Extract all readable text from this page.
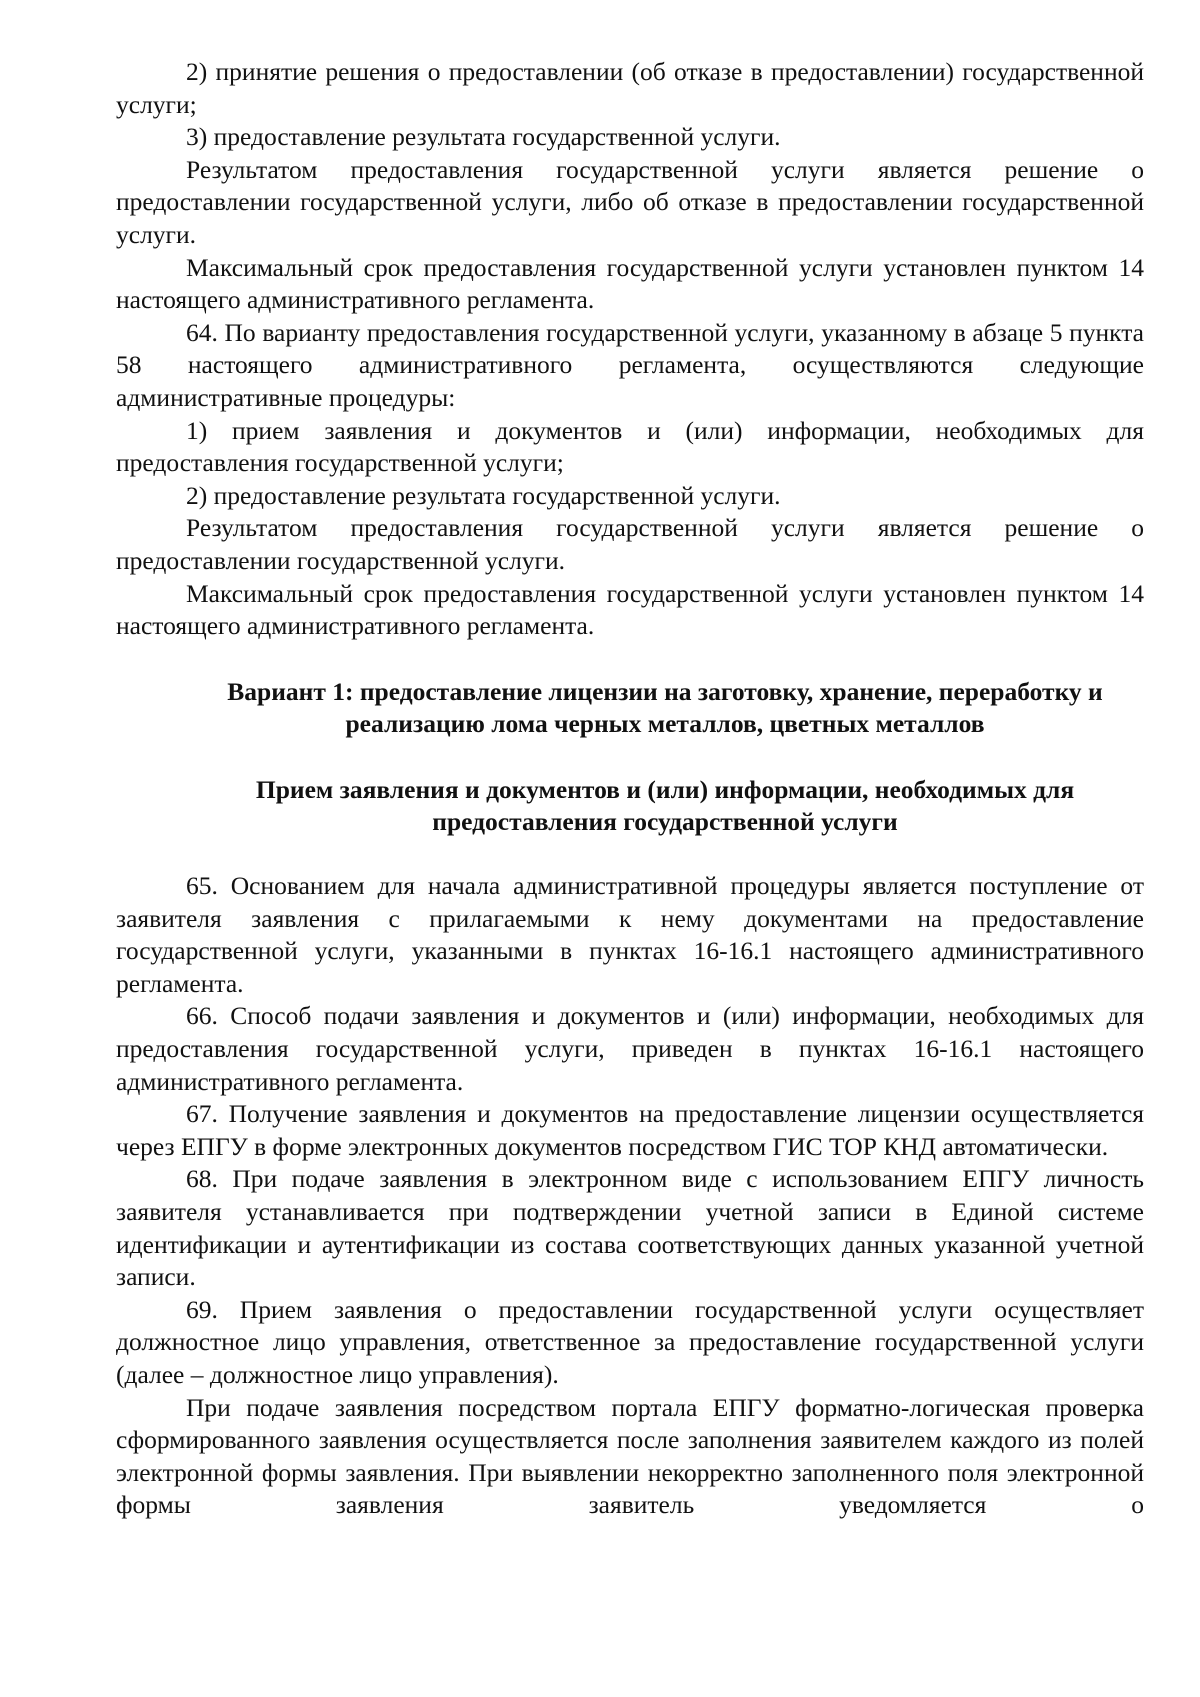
2) принятие решения о предоставлении (об отказе в предоставлении) государственной услуги;

3) предоставление результата государственной услуги.

Результатом предоставления государственной услуги является решение о предоставлении государственной услуги, либо об отказе в предоставлении государственной услуги.

Максимальный срок предоставления государственной услуги установлен пунктом 14 настоящего административного регламента.

64. По варианту предоставления государственной услуги, указанному в абзаце 5 пункта 58 настоящего административного регламента, осуществляются следующие административные процедуры:

1) прием заявления и документов и (или) информации, необходимых для предоставления государственной услуги;

2) предоставление результата государственной услуги.

Результатом предоставления государственной услуги является решение о предоставлении государственной услуги.

Максимальный срок предоставления государственной услуги установлен пунктом 14 настоящего административного регламента.

Вариант 1: предоставление лицензии на заготовку, хранение, переработку и реализацию лома черных металлов, цветных металлов

Прием заявления и документов и (или) информации, необходимых для предоставления государственной услуги

65. Основанием для начала административной процедуры является поступление от заявителя заявления с прилагаемыми к нему документами на предоставление государственной услуги, указанными в пунктах 16-16.1 настоящего административного регламента.

66. Способ подачи заявления и документов и (или) информации, необходимых для предоставления государственной услуги, приведен в пунктах 16-16.1 настоящего административного регламента.

67. Получение заявления и документов на предоставление лицензии осуществляется через ЕПГУ в форме электронных документов посредством ГИС ТОР КНД автоматически.

68. При подаче заявления в электронном виде с использованием ЕПГУ личность заявителя устанавливается при подтверждении учетной записи в Единой системе идентификации и аутентификации из состава соответствующих данных указанной учетной записи.

69. Прием заявления о предоставлении государственной услуги осуществляет должностное лицо управления, ответственное за предоставление государственной услуги (далее – должностное лицо управления).

При подаче заявления посредством портала ЕПГУ форматно-логическая проверка сформированного заявления осуществляется после заполнения заявителем каждого из полей электронной формы заявления. При выявлении некорректно заполненного поля электронной формы заявления заявитель уведомляется о
